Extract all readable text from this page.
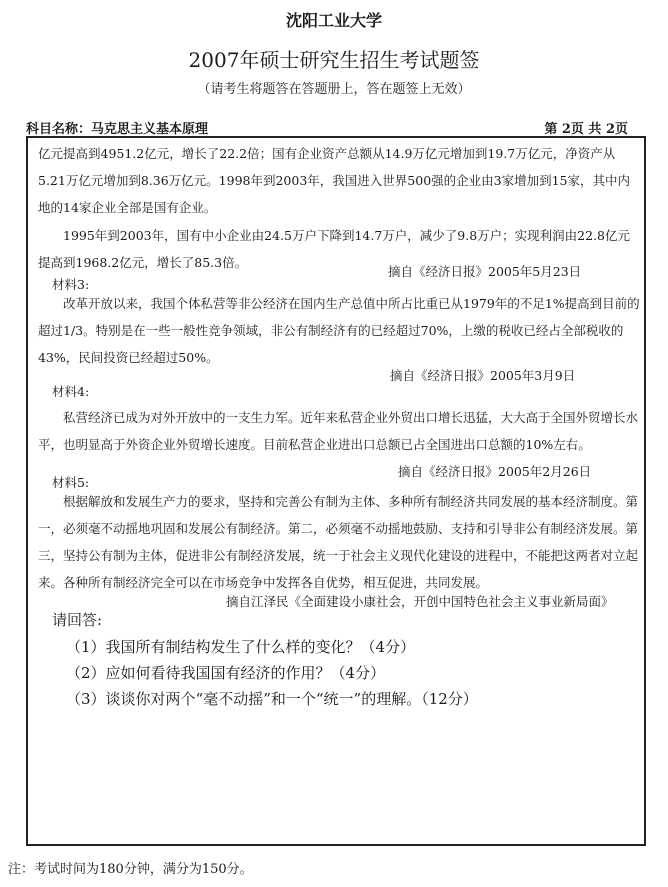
沈阳工业大学
2007年硕士研究生招生考试题签
（请考生将题答在答题册上，答在题签上无效）
科目名称：马克思主义基本原理	第 2页 共 2页
亿元提高到4951.2亿元，增长了22.2倍；国有企业资产总额从14.9万亿元增加到19.7万亿元，净资产从5.21万亿元增加到8.36万亿元。1998年到2003年，我国进入世界500强的企业由3家增加到15家，其中内地的14家企业全部是国有企业。
1995年到2003年，国有中小企业由24.5万户下降到14.7万户，减少了9.8万户；实现利润由22.8亿元提高到1968.2亿元，增长了85.3倍。
摘自《经济日报》2005年5月23日
材料3:
改革开放以来，我国个体私营等非公经济在国内生产总值中所占比重已从1979年的不足1%提高到目前的超过1/3。特别是在一些一般性竞争领域，非公有制经济有的已经超过70%，上缴的税收已经占全部税收的43%，民间投资已经超过50%。
摘自《经济日报》2005年3月9日
材料4:
私营经济已成为对外开放中的一支生力军。近年来私营企业外贸出口增长迅猛，大大高于全国外贸增长水平，也明显高于外资企业外贸增长速度。目前私营企业进出口总额已占全国进出口总额的10%左右。
摘自《经济日报》2005年2月26日
材料5:
根据解放和发展生产力的要求，坚持和完善公有制为主体、多种所有制经济共同发展的基本经济制度。第一，必须毫不动摇地巩固和发展公有制经济。第二，必须毫不动摇地鼓励、支持和引导非公有制经济发展。第三，坚持公有制为主体，促进非公有制经济发展，统一于社会主义现代化建设的进程中，不能把这两者对立起来。各种所有制经济完全可以在市场竞争中发挥各自优势，相互促进，共同发展。
摘自江泽民《全面建设小康社会，开创中国特色社会主义事业新局面》
请回答:
（1）我国所有制结构发生了什么样的变化？（4分）
（2）应如何看待我国国有经济的作用？（4分）
（3）谈谈你对两个“毫不动摇”和一个“统一”的理解。（12分）
注：考试时间为180分钟，满分为150分。
